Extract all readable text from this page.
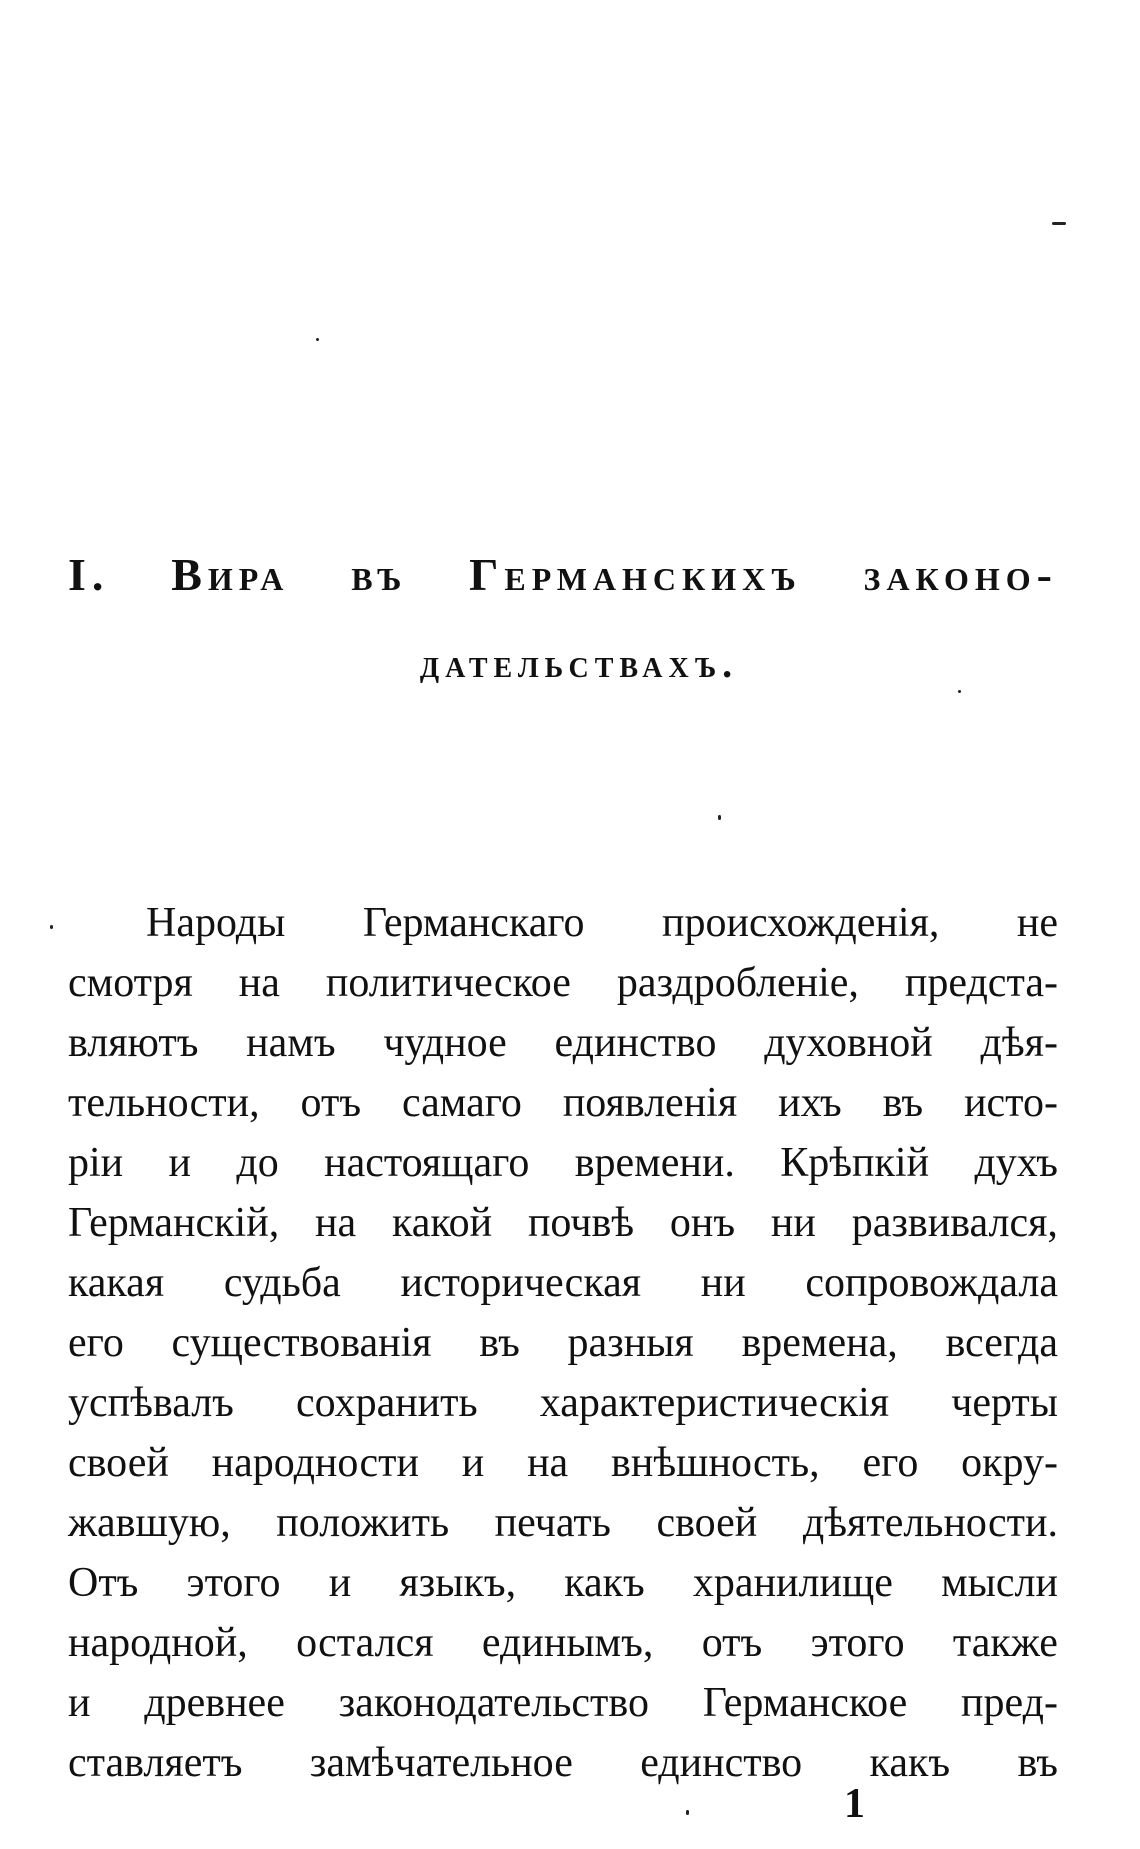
I. Вира въ Германскихъ законо-
дательствахъ.
Народы Германскаго происхожденія, не
смотря на политическое раздробленіе, предста-
вляютъ намъ чудное единство духовной дѣя-
тельности, отъ самаго появленія ихъ въ исто-
ріи и до настоящаго времени. Крѣпкій духъ
Германскій, на какой почвѣ онъ ни развивался,
какая судьба историческая ни сопровождала
его существованія въ разныя времена, всегда
успѣвалъ сохранить характеристическія черты
своей народности и на внѣшность, его окру-
жавшую, положить печать своей дѣятельности.
Отъ этого и языкъ, какъ хранилище мысли
народной, остался единымъ, отъ этого также
и древнее законодательство Германское пред-
ставляетъ замѣчательное единство какъ въ
1
